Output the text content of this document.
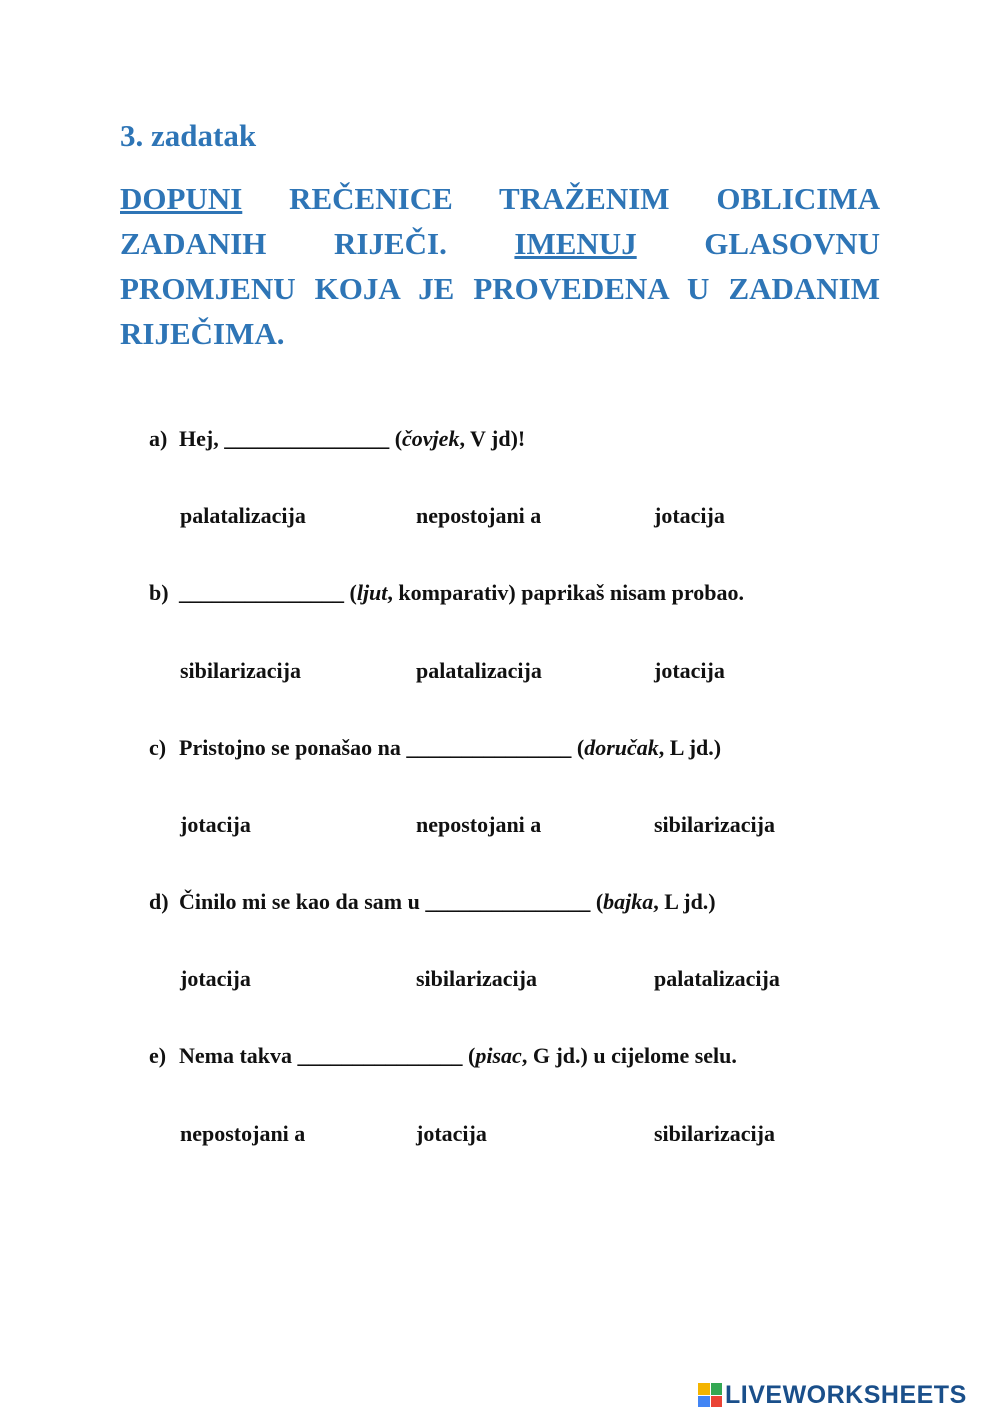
3. zadatak
DOPUNI REČENICE TRAŽENIM OBLICIMA
ZADANIH RIJEČI. IMENUJ GLASOVNU
PROMJENU KOJA JE PROVEDENA U ZADANIM
RIJEČIMA.
a) Hej, _______________ (čovjek, V jd)!
palatalizacija	nepostojani a	jotacija
b) _______________ (ljut, komparativ) paprikaš nisam probao.
sibilarizacija	palatalizacija	jotacija
c) Pristojno se ponašao na _______________ (doručak, L jd.)
jotacija	nepostojani a	sibilarizacija
d) Činilo mi se kao da sam u _______________ (bajka, L jd.)
jotacija	sibilarizacija	palatalizacija
e) Nema takva _______________ (pisac, G jd.) u cijelome selu.
nepostojani a	jotacija	sibilarizacija
LIVEWORKSHEETS
